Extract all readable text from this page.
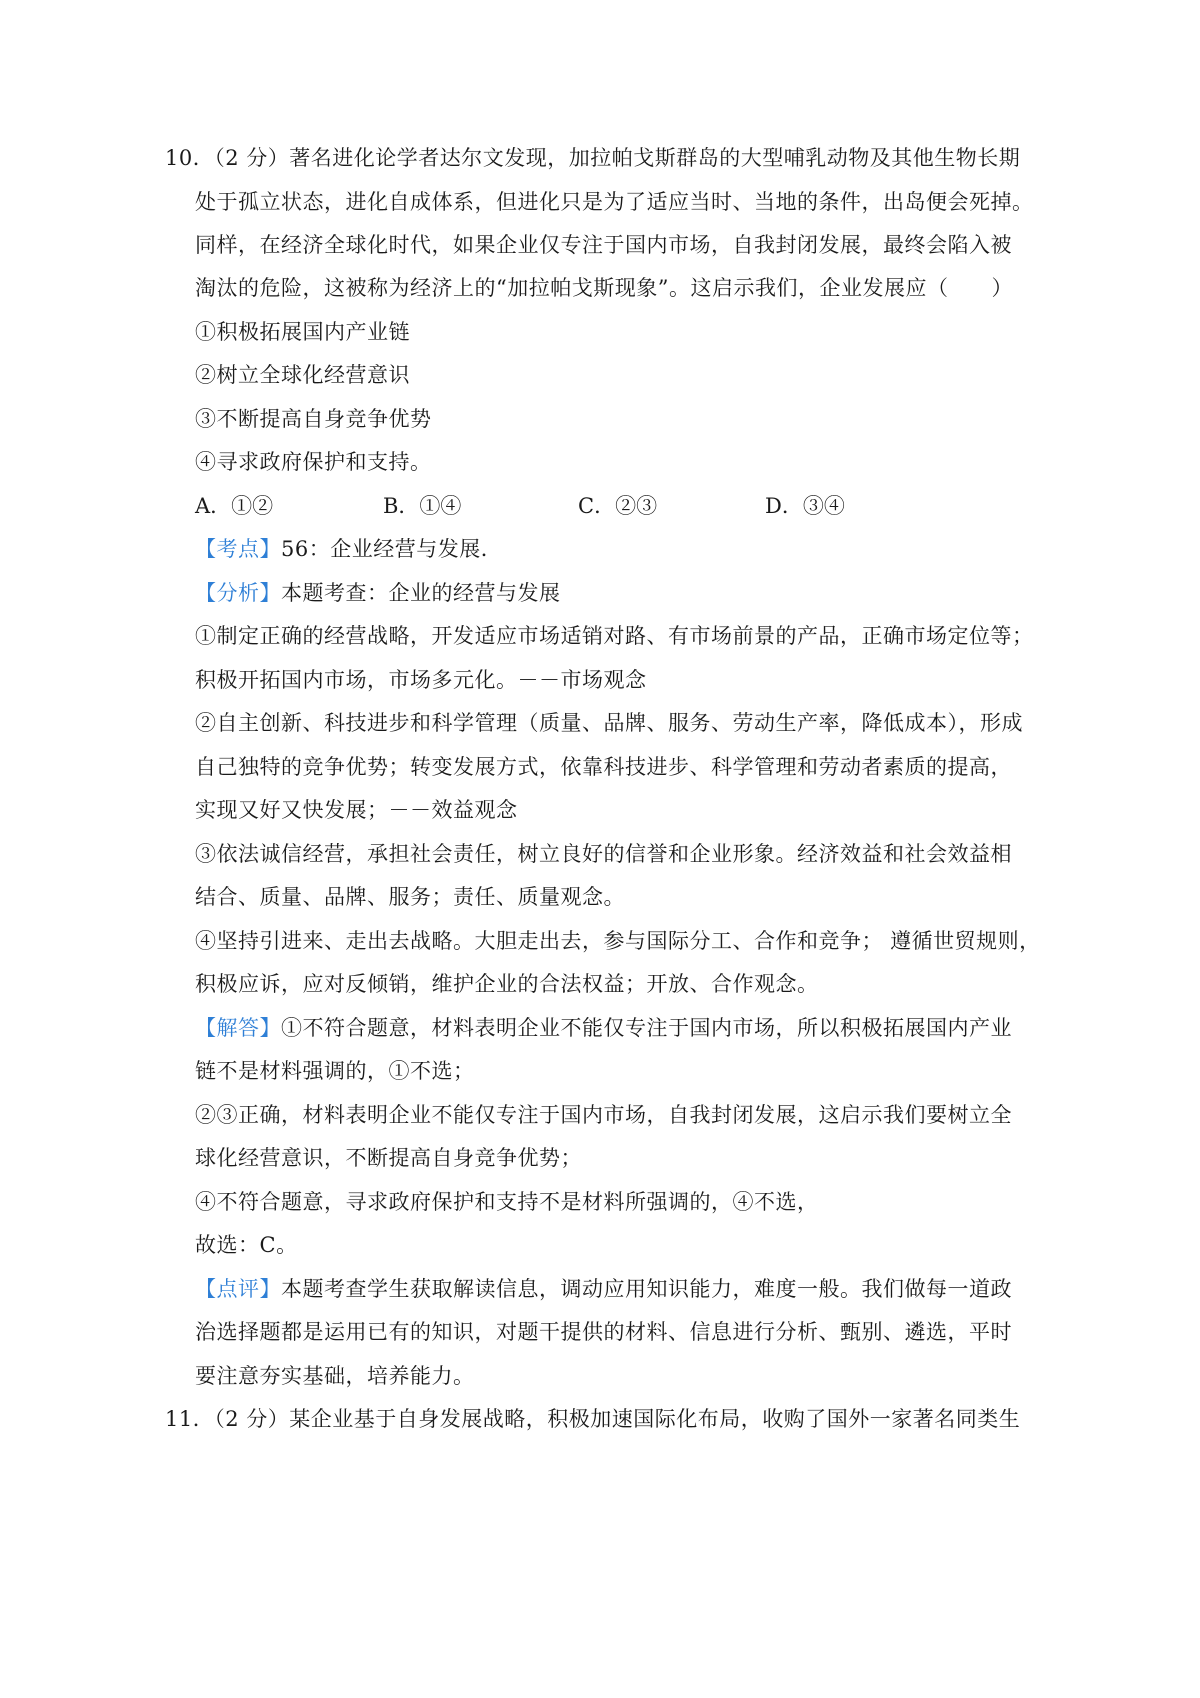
10．（2 分）著名进化论学者达尔文发现，加拉帕戈斯群岛的大型哺乳动物及其他生物长期
处于孤立状态，进化自成体系，但进化只是为了适应当时、当地的条件，出岛便会死掉。
同样，在经济全球化时代，如果企业仅专注于国内市场，自我封闭发展，最终会陷入被
淘汰的危险，这被称为经济上的“加拉帕戈斯现象”。这启示我们，企业发展应（　　）
①积极拓展国内产业链
②树立全球化经营意识
③不断提高自身竞争优势
④寻求政府保护和支持。
A．①②	B．①④	C．②③	D．③④
【考点】56：企业经营与发展．
【分析】本题考查：企业的经营与发展
①制定正确的经营战略，开发适应市场适销对路、有市场前景的产品，正确市场定位等；
积极开拓国内市场，市场多元化。－－市场观念
②自主创新、科技进步和科学管理（质量、品牌、服务、劳动生产率，降低成本），形成
自己独特的竞争优势；转变发展方式，依靠科技进步、科学管理和劳动者素质的提高，
实现又好又快发展；－－效益观念
③依法诚信经营，承担社会责任，树立良好的信誉和企业形象。经济效益和社会效益相
结合、质量、品牌、服务；责任、质量观念。
④坚持引进来、走出去战略。大胆走出去，参与国际分工、合作和竞争； 遵循世贸规则，
积极应诉，应对反倾销，维护企业的合法权益；开放、合作观念。
【解答】①不符合题意，材料表明企业不能仅专注于国内市场，所以积极拓展国内产业
链不是材料强调的，①不选；
②③正确，材料表明企业不能仅专注于国内市场，自我封闭发展，这启示我们要树立全
球化经营意识，不断提高自身竞争优势；
④不符合题意，寻求政府保护和支持不是材料所强调的，④不选，
故选：C。
【点评】本题考查学生获取解读信息，调动应用知识能力，难度一般。我们做每一道政
治选择题都是运用已有的知识，对题干提供的材料、信息进行分析、甄别、遴选，平时
要注意夯实基础，培养能力。
11．（2 分）某企业基于自身发展战略，积极加速国际化布局，收购了国外一家著名同类生
